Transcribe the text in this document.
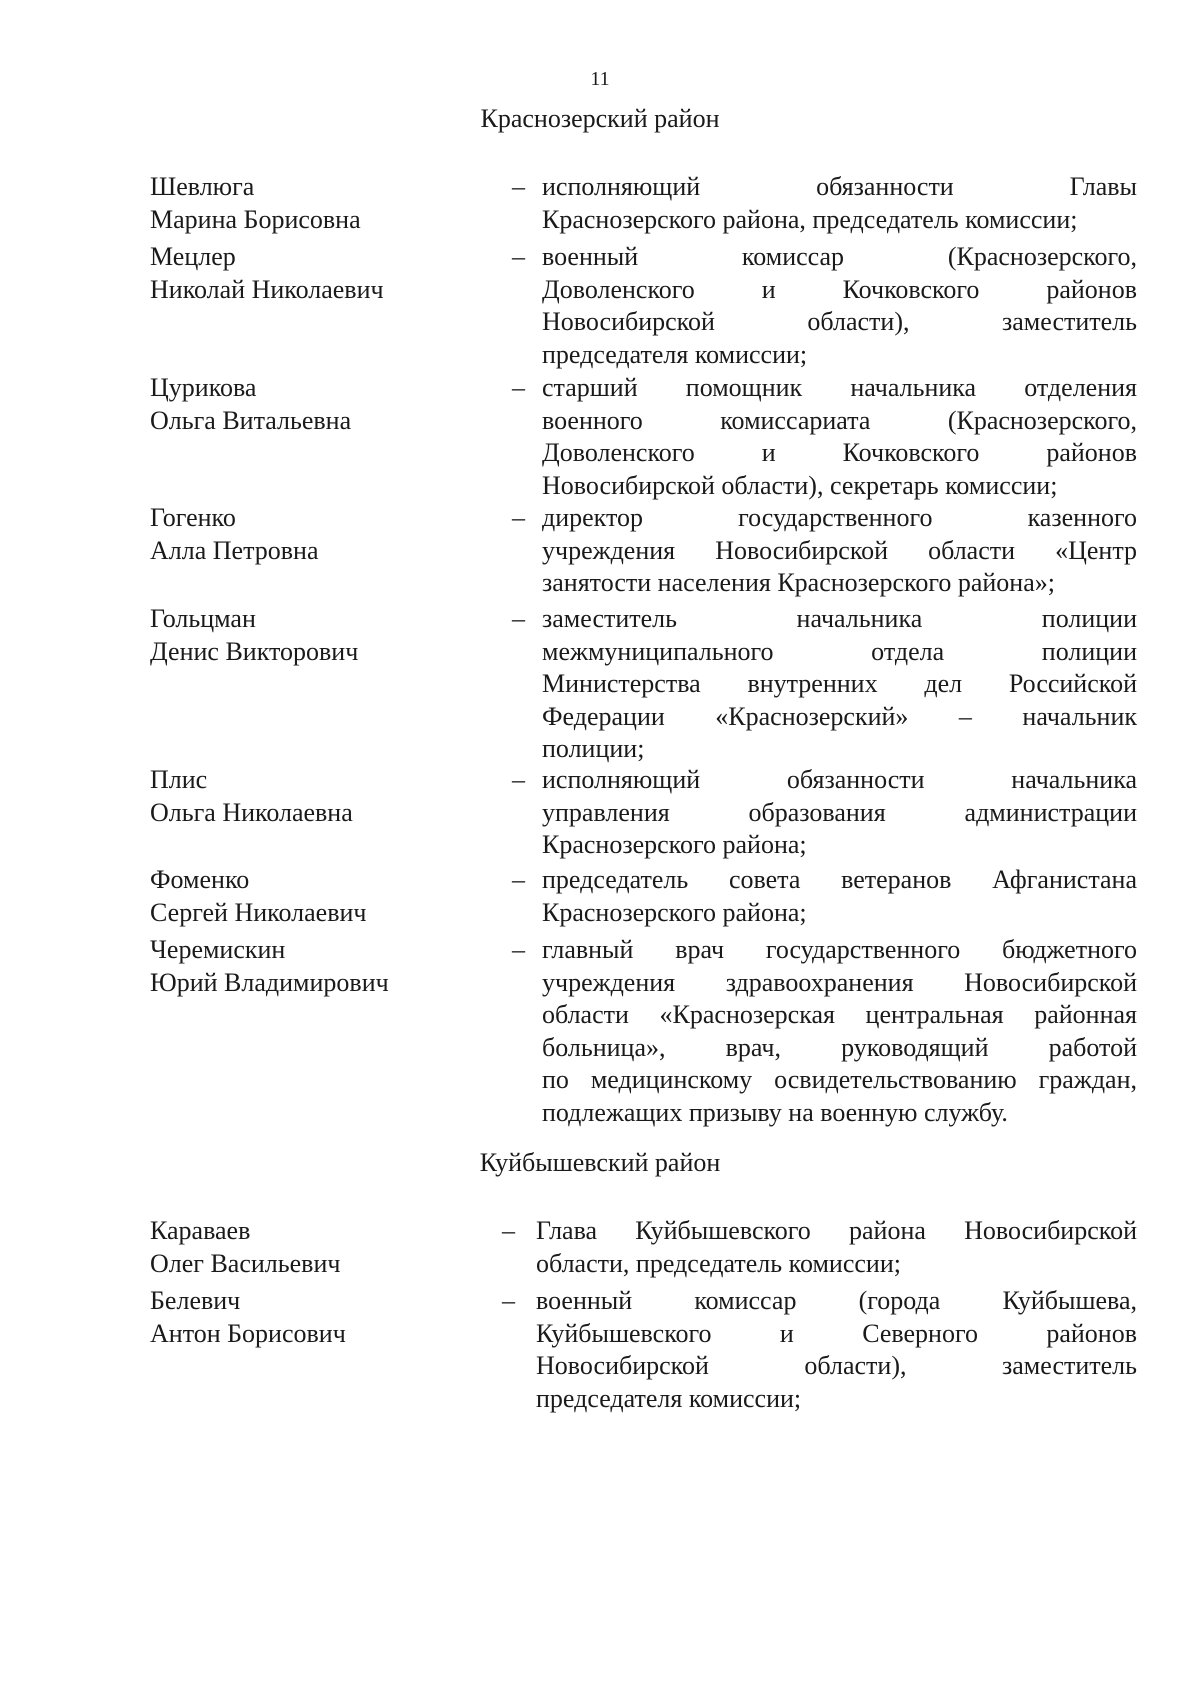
11
Краснозерский район
Шевлюга
Марина Борисовна
– исполняющий обязанности Главы
Краснозерского района, председатель комиссии;
Мецлер
Николай Николаевич
– военный комиссар (Краснозерского,
Доволенского и Кочковского районов
Новосибирской области), заместитель
председателя комиссии;
Цурикова
Ольга Витальевна
– старший помощник начальника отделения
военного комиссариата (Краснозерского,
Доволенского и Кочковского районов
Новосибирской области), секретарь комиссии;
Гогенко
Алла Петровна
– директор государственного казенного
учреждения Новосибирской области «Центр
занятости населения Краснозерского района»;
Гольцман
Денис Викторович
– заместитель начальника полиции
межмуниципального отдела полиции
Министерства внутренних дел Российской
Федерации «Краснозерский» – начальник
полиции;
Плис
Ольга Николаевна
– исполняющий обязанности начальника
управления образования администрации
Краснозерского района;
Фоменко
Сергей Николаевич
– председатель совета ветеранов Афганистана
Краснозерского района;
Черемискин
Юрий Владимирович
– главный врач государственного бюджетного
учреждения здравоохранения Новосибирской
области «Краснозерская центральная районная
больница», врач, руководящий работой
по медицинскому освидетельствованию граждан,
подлежащих призыву на военную службу.
Куйбышевский район
Караваев
Олег Васильевич
– Глава Куйбышевского района Новосибирской
области, председатель комиссии;
Белевич
Антон Борисович
– военный комиссар (города Куйбышева,
Куйбышевского и Северного районов
Новосибирской области), заместитель
председателя комиссии;
